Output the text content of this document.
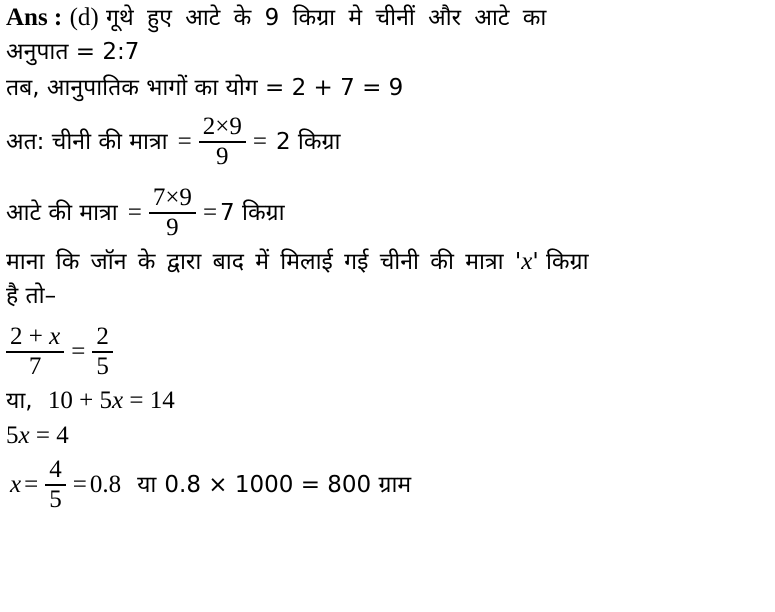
Ans : (d) गूथे हुए आटे के 9 किग्रा मे चीनीं और आटे का
अनुपात = 2:7
तब, आनुपातिक भागों का योग = 2 + 7 = 9
अत: चीनी की मात्रा = $\frac{2\times 9}{9} = 2$ किग्रा
आटे की मात्रा = $\frac{7\times 9}{9} = 7$ किग्रा
माना कि जॉन के द्वारा बाद में मिलाई गई चीनी की मात्रा 'x' किग्रा
है तो–
$\frac{2 + x}{7} = \frac{2}{5}$
या, 10 + 5x = 14
5x = 4
$x = \frac{4}{5} = 0.8$ या 0.8 × 1000 = 800 ग्राम
